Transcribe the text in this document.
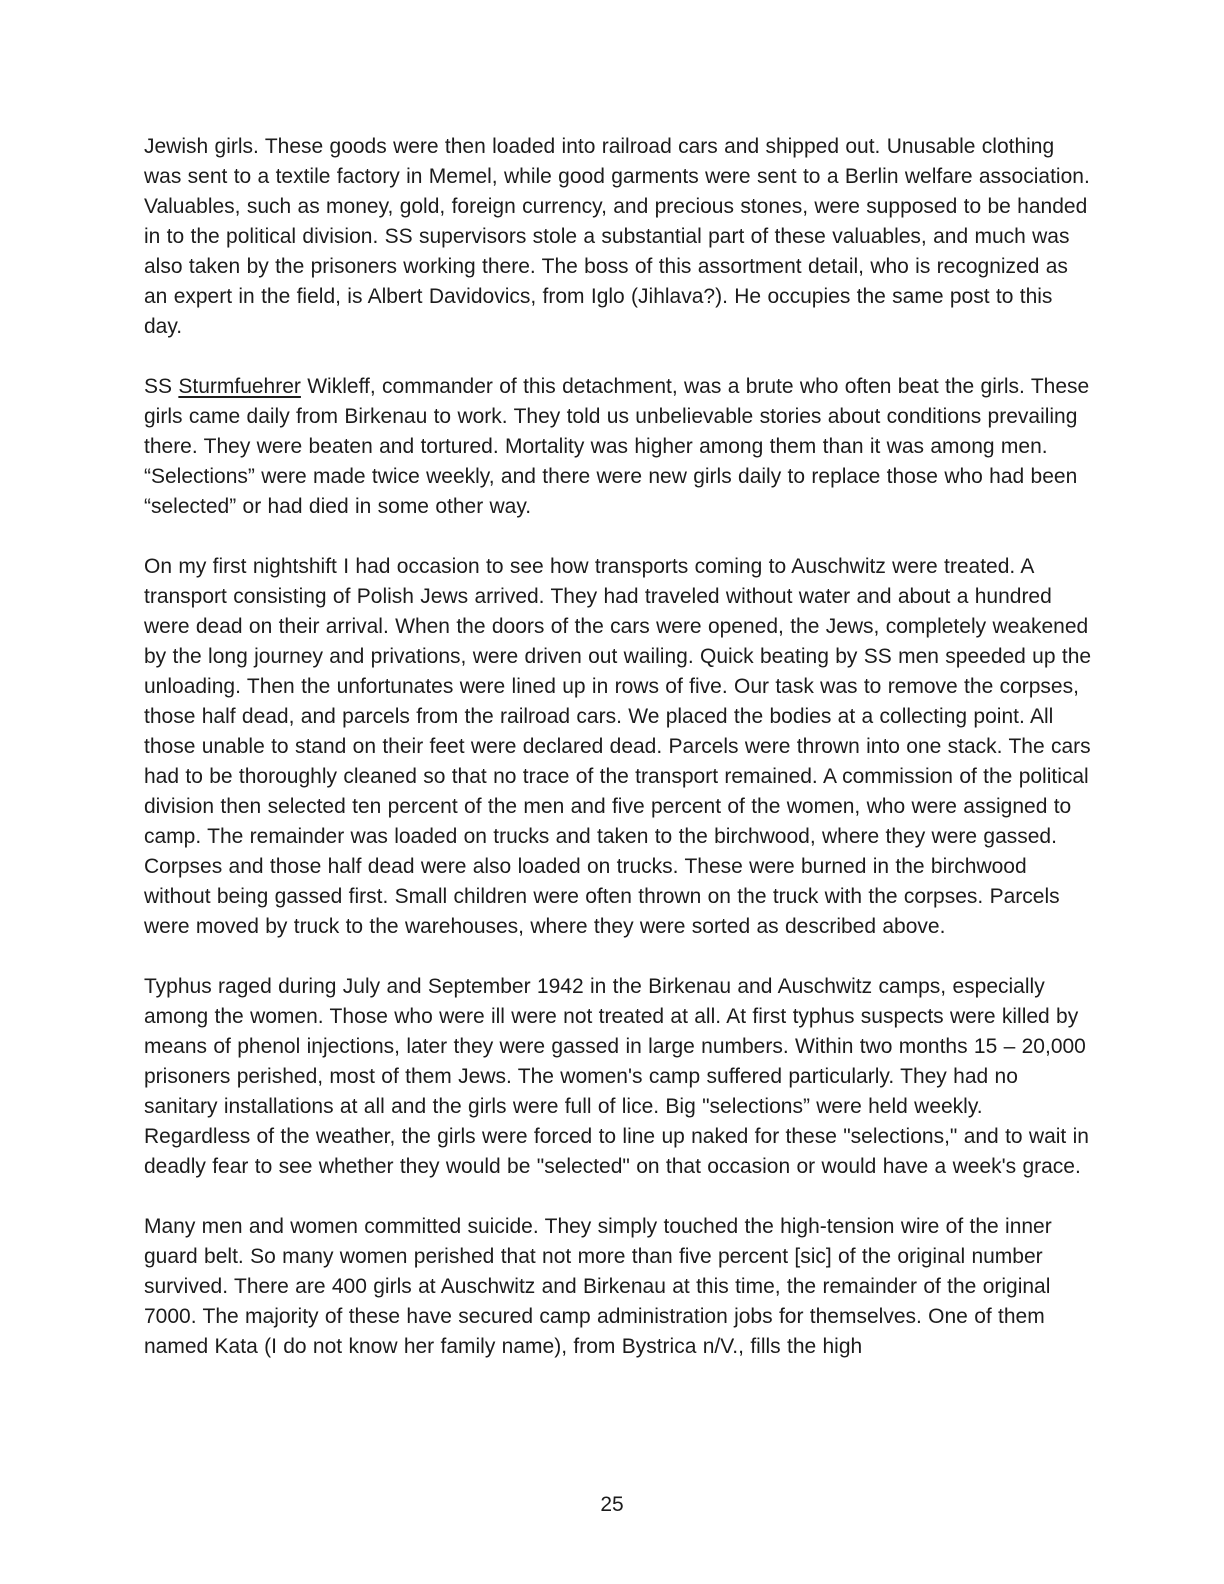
Jewish girls. These goods were then loaded into railroad cars and shipped out. Unusable clothing was sent to a textile factory in Memel, while good garments were sent to a Berlin welfare association. Valuables, such as money, gold, foreign currency, and precious stones, were supposed to be handed in to the political division. SS supervisors stole a substantial part of these valuables, and much was also taken by the prisoners working there. The boss of this assortment detail, who is recognized as an expert in the field, is Albert Davidovics, from Iglo (Jihlava?). He occupies the same post to this day.

SS Sturmfuehrer Wikleff, commander of this detachment, was a brute who often beat the girls. These girls came daily from Birkenau to work. They told us unbelievable stories about conditions prevailing there. They were beaten and tortured. Mortality was higher among them than it was among men. “Selections” were made twice weekly, and there were new girls daily to replace those who had been “selected” or had died in some other way.

On my first nightshift I had occasion to see how transports coming to Auschwitz were treated. A transport consisting of Polish Jews arrived. They had traveled without water and about a hundred were dead on their arrival. When the doors of the cars were opened, the Jews, completely weakened by the long journey and privations, were driven out wailing. Quick beating by SS men speeded up the unloading. Then the unfortunates were lined up in rows of five. Our task was to remove the corpses, those half dead, and parcels from the railroad cars. We placed the bodies at a collecting point. All those unable to stand on their feet were declared dead. Parcels were thrown into one stack. The cars had to be thoroughly cleaned so that no trace of the transport remained. A commission of the political division then selected ten percent of the men and five percent of the women, who were assigned to camp. The remainder was loaded on trucks and taken to the birchwood, where they were gassed. Corpses and those half dead were also loaded on trucks. These were burned in the birchwood without being gassed first. Small children were often thrown on the truck with the corpses. Parcels were moved by truck to the warehouses, where they were sorted as described above.

Typhus raged during July and September 1942 in the Birkenau and Auschwitz camps, especially among the women. Those who were ill were not treated at all. At first typhus suspects were killed by means of phenol injections, later they were gassed in large numbers. Within two months 15 – 20,000 prisoners perished, most of them Jews. The women's camp suffered particularly. They had no sanitary installations at all and the girls were full of lice. Big "selections” were held weekly. Regardless of the weather, the girls were forced to line up naked for these "selections," and to wait in deadly fear to see whether they would be "selected" on that occasion or would have a week's grace.

Many men and women committed suicide. They simply touched the high-tension wire of the inner guard belt. So many women perished that not more than five percent [sic] of the original number survived. There are 400 girls at Auschwitz and Birkenau at this time, the remainder of the original 7000. The majority of these have secured camp administration jobs for themselves. One of them named Kata (I do not know her family name), from Bystrica n/V., fills the high

25
